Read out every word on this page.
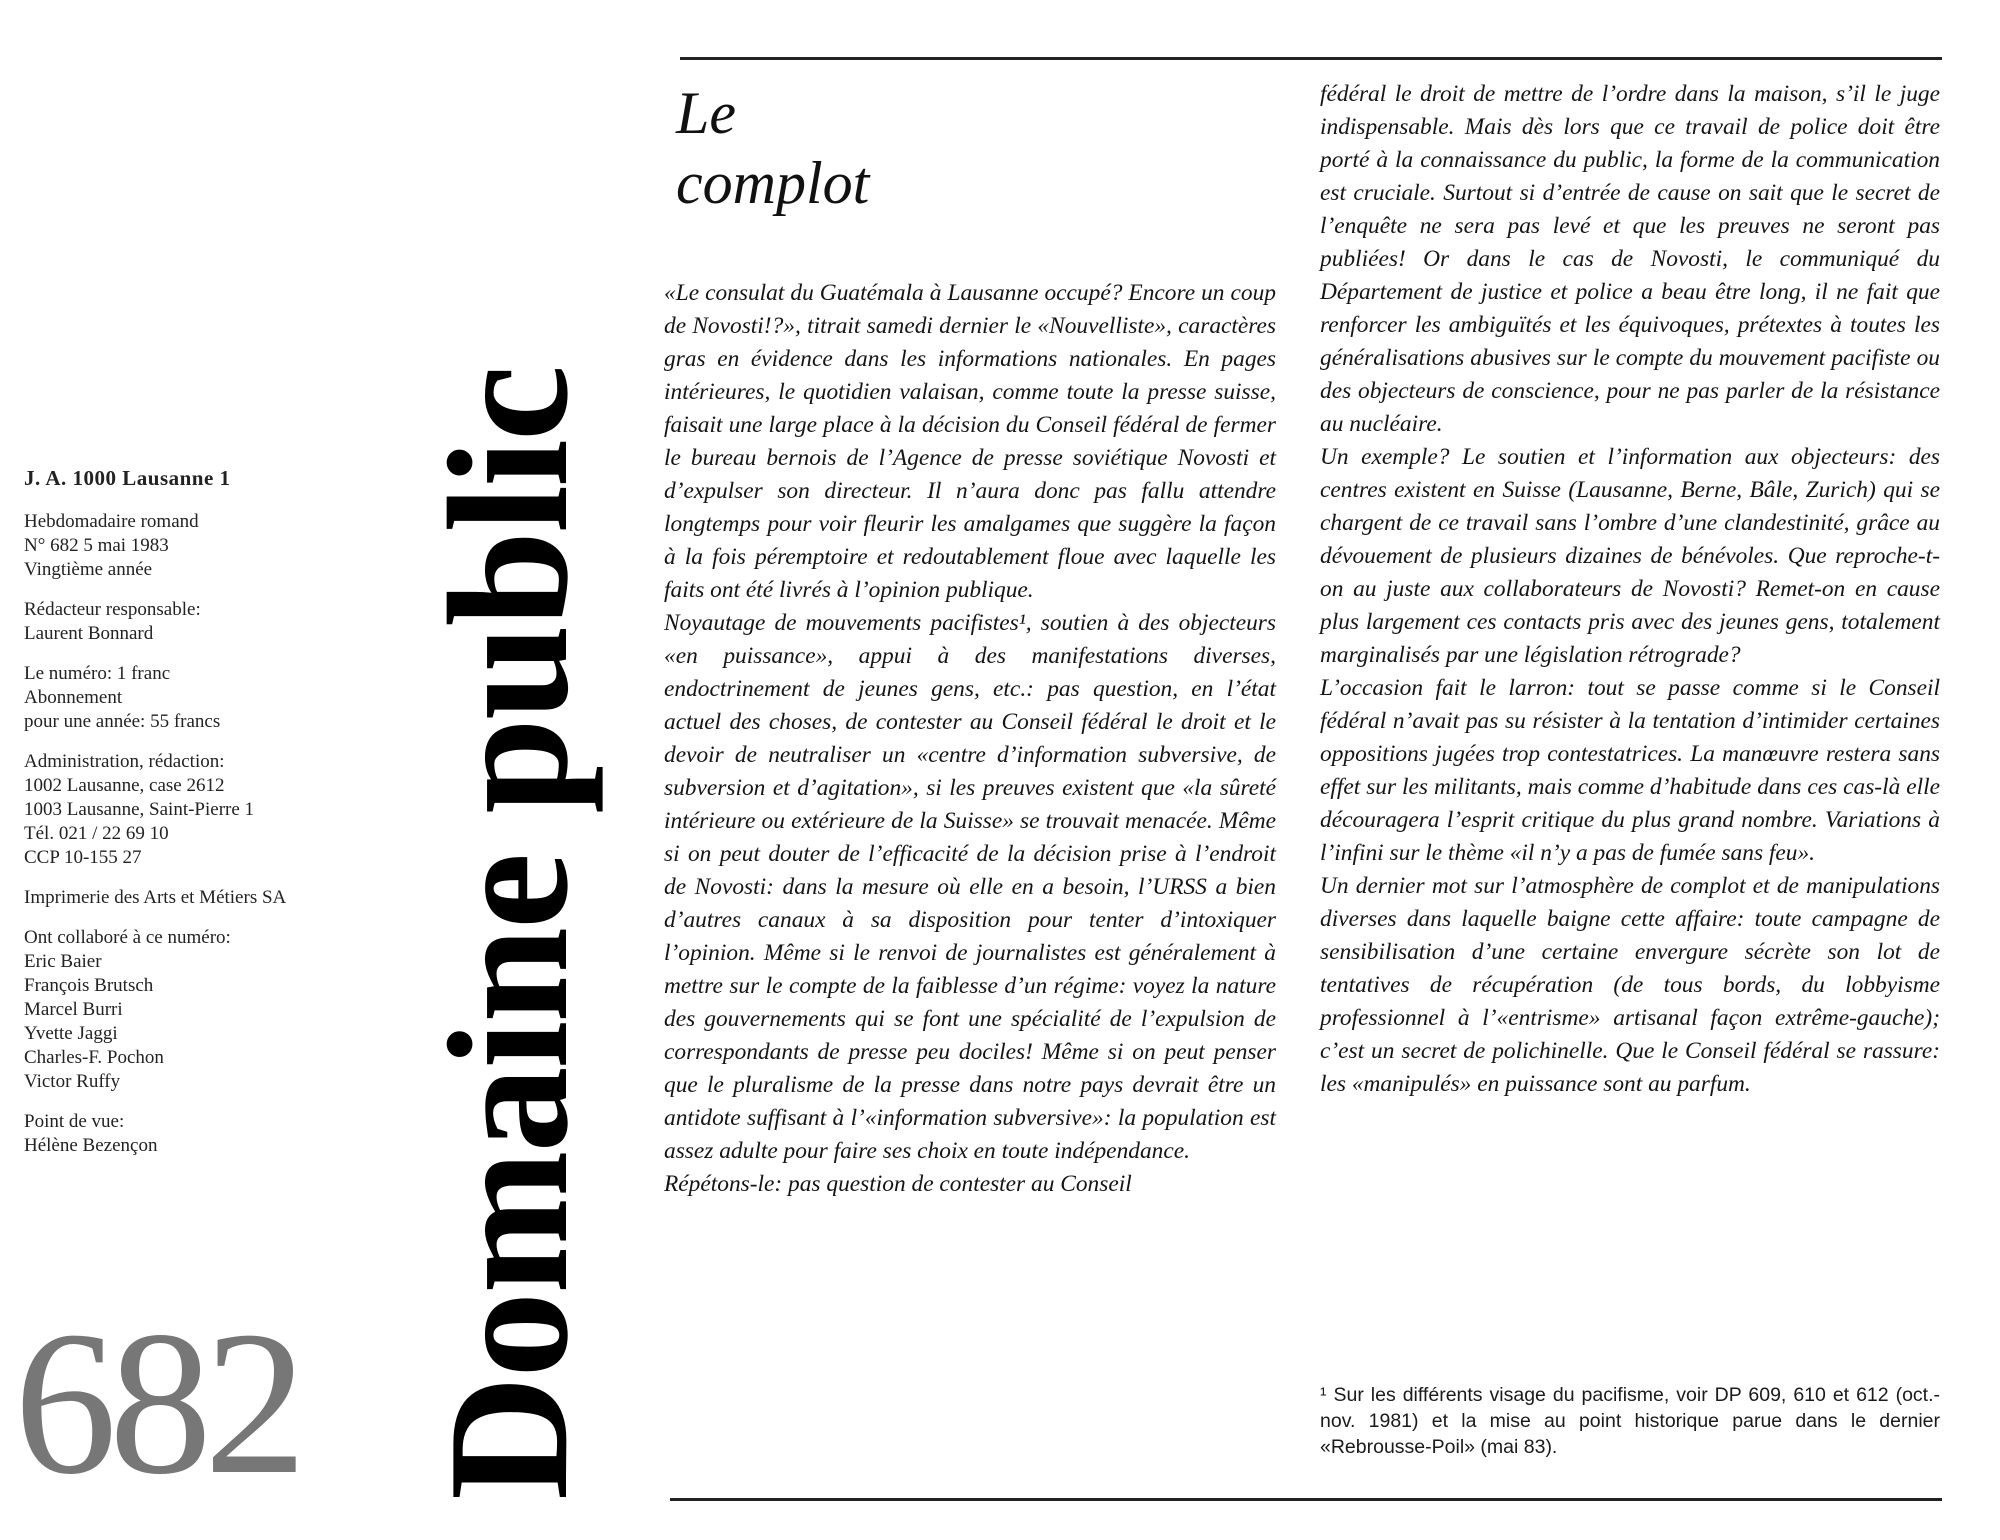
J. A. 1000 Lausanne 1
Hebdomadaire romand
N° 682 5 mai 1983
Vingtième année
Rédacteur responsable:
Laurent Bonnard
Le numéro: 1 franc
Abonnement
pour une année: 55 francs
Administration, rédaction:
1002 Lausanne, case 2612
1003 Lausanne, Saint-Pierre 1
Tél. 021 / 22 69 10
CCP 10-155 27
Imprimerie des Arts et Métiers SA
Ont collaboré à ce numéro:
Eric Baier
François Brutsch
Marcel Burri
Yvette Jaggi
Charles-F. Pochon
Victor Ruffy
Point de vue:
Hélène Bezençon
682 Domaine public
Le
complot

«Le consulat du Guatémala à Lausanne occupé? Encore un coup de Novosti!?», titrait samedi dernier le «Nouvelliste», caractères gras en évidence dans les informations nationales. En pages intérieures, le quotidien valaisan, comme toute la presse suisse, faisait une large place à la décision du Conseil fédéral de fermer le bureau bernois de l’Agence de presse soviétique Novosti et d’expulser son directeur. Il n’aura donc pas fallu attendre longtemps pour voir fleurir les amalgames que suggère la façon à la fois péremptoire et redoutablement floue avec laquelle les faits ont été livrés à l’opinion publique.

Noyautage de mouvements pacifistes¹, soutien à des objecteurs «en puissance», appui à des manifestations diverses, endoctrinement de jeunes gens, etc.: pas question, en l’état actuel des choses, de contester au Conseil fédéral le droit et le devoir de neutraliser un «centre d’information subversive, de subversion et d’agitation», si les preuves existent que «la sûreté intérieure ou extérieure de la Suisse» se trouvait menacée. Même si on peut douter de l’efficacité de la décision prise à l’endroit de Novosti: dans la mesure où elle en a besoin, l’URSS a bien d’autres canaux à sa disposition pour tenter d’intoxiquer l’opinion. Même si le renvoi de journalistes est généralement à mettre sur le compte de la faiblesse d’un régime: voyez la nature des gouvernements qui se font une spécialité de l’expulsion de correspondants de presse peu dociles! Même si on peut penser que le pluralisme de la presse dans notre pays devrait être un antidote suffisant à l’«information subversive»: la population est assez adulte pour faire ses choix en toute indépendance.

Répétons-le: pas question de contester au Conseil

fédéral le droit de mettre de l’ordre dans la maison, s’il le juge indispensable. Mais dès lors que ce travail de police doit être porté à la connaissance du public, la forme de la communication est cruciale. Surtout si d’entrée de cause on sait que le secret de l’enquête ne sera pas levé et que les preuves ne seront pas publiées! Or dans le cas de Novosti, le communiqué du Département de justice et police a beau être long, il ne fait que renforcer les ambiguïtés et les équivoques, prétextes à toutes les généralisations abusives sur le compte du mouvement pacifiste ou des objecteurs de conscience, pour ne pas parler de la résistance au nucléaire.

Un exemple? Le soutien et l’information aux objecteurs: des centres existent en Suisse (Lausanne, Berne, Bâle, Zurich) qui se chargent de ce travail sans l’ombre d’une clandestinité, grâce au dévouement de plusieurs dizaines de bénévoles. Que reproche-t-on au juste aux collaborateurs de Novosti? Remet-on en cause plus largement ces contacts pris avec des jeunes gens, totalement marginalisés par une législation rétrograde?

L’occasion fait le larron: tout se passe comme si le Conseil fédéral n’avait pas su résister à la tentation d’intimider certaines oppositions jugées trop contestatrices. La manœuvre restera sans effet sur les militants, mais comme d’habitude dans ces cas-là elle découragera l’esprit critique du plus grand nombre. Variations à l’infini sur le thème «il n’y a pas de fumée sans feu».

Un dernier mot sur l’atmosphère de complot et de manipulations diverses dans laquelle baigne cette affaire: toute campagne de sensibilisation d’une certaine envergure sécrète son lot de tentatives de récupération (de tous bords, du lobbyisme professionnel à l’«entrisme» artisanal façon extrême-gauche); c’est un secret de polichinelle. Que le Conseil fédéral se rassure: les «manipulés» en puissance sont au parfum.

¹ Sur les différents visage du pacifisme, voir DP 609, 610 et 612 (oct.-nov. 1981) et la mise au point historique parue dans le dernier «Rebrousse-Poil» (mai 83).
